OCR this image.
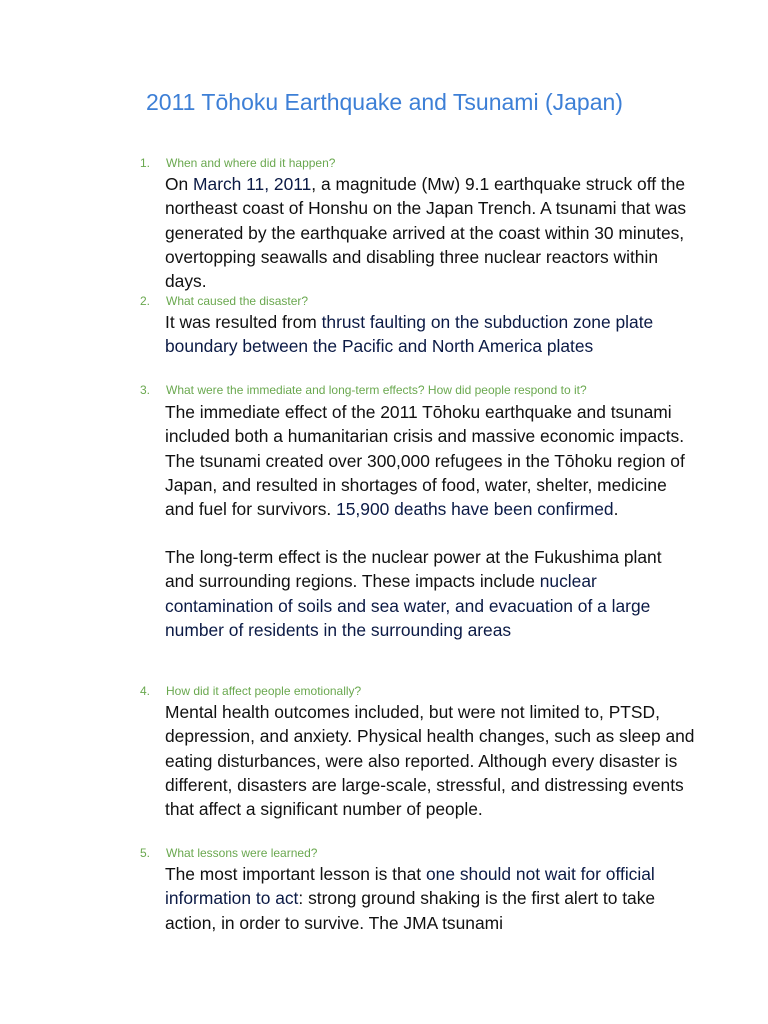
2011 Tōhoku Earthquake and Tsunami (Japan)
1.	When and where did it happen?

On March 11, 2011, a magnitude (Mw) 9.1 earthquake struck off the northeast coast of Honshu on the Japan Trench. A tsunami that was generated by the earthquake arrived at the coast within 30 minutes, overtopping seawalls and disabling three nuclear reactors within days.

2.	What caused the disaster?

It was resulted from thrust faulting on the subduction zone plate boundary between the Pacific and North America plates

3.	What were the immediate and long-term effects? How did people respond to it?

The immediate effect of the 2011 Tōhoku earthquake and tsunami included both a humanitarian crisis and massive economic impacts. The tsunami created over 300,000 refugees in the Tōhoku region of Japan, and resulted in shortages of food, water, shelter, medicine and fuel for survivors. 15,900 deaths have been confirmed.

The long-term effect is the nuclear power at the Fukushima plant and surrounding regions. These impacts include nuclear contamination of soils and sea water, and evacuation of a large number of residents in the surrounding areas

4.	How did it affect people emotionally?

Mental health outcomes included, but were not limited to, PTSD, depression, and anxiety. Physical health changes, such as sleep and eating disturbances, were also reported. Although every disaster is different, disasters are large-scale, stressful, and distressing events that affect a significant number of people.

5.	What lessons were learned?

The most important lesson is that one should not wait for official information to act: strong ground shaking is the first alert to take action, in order to survive. The JMA tsunami
